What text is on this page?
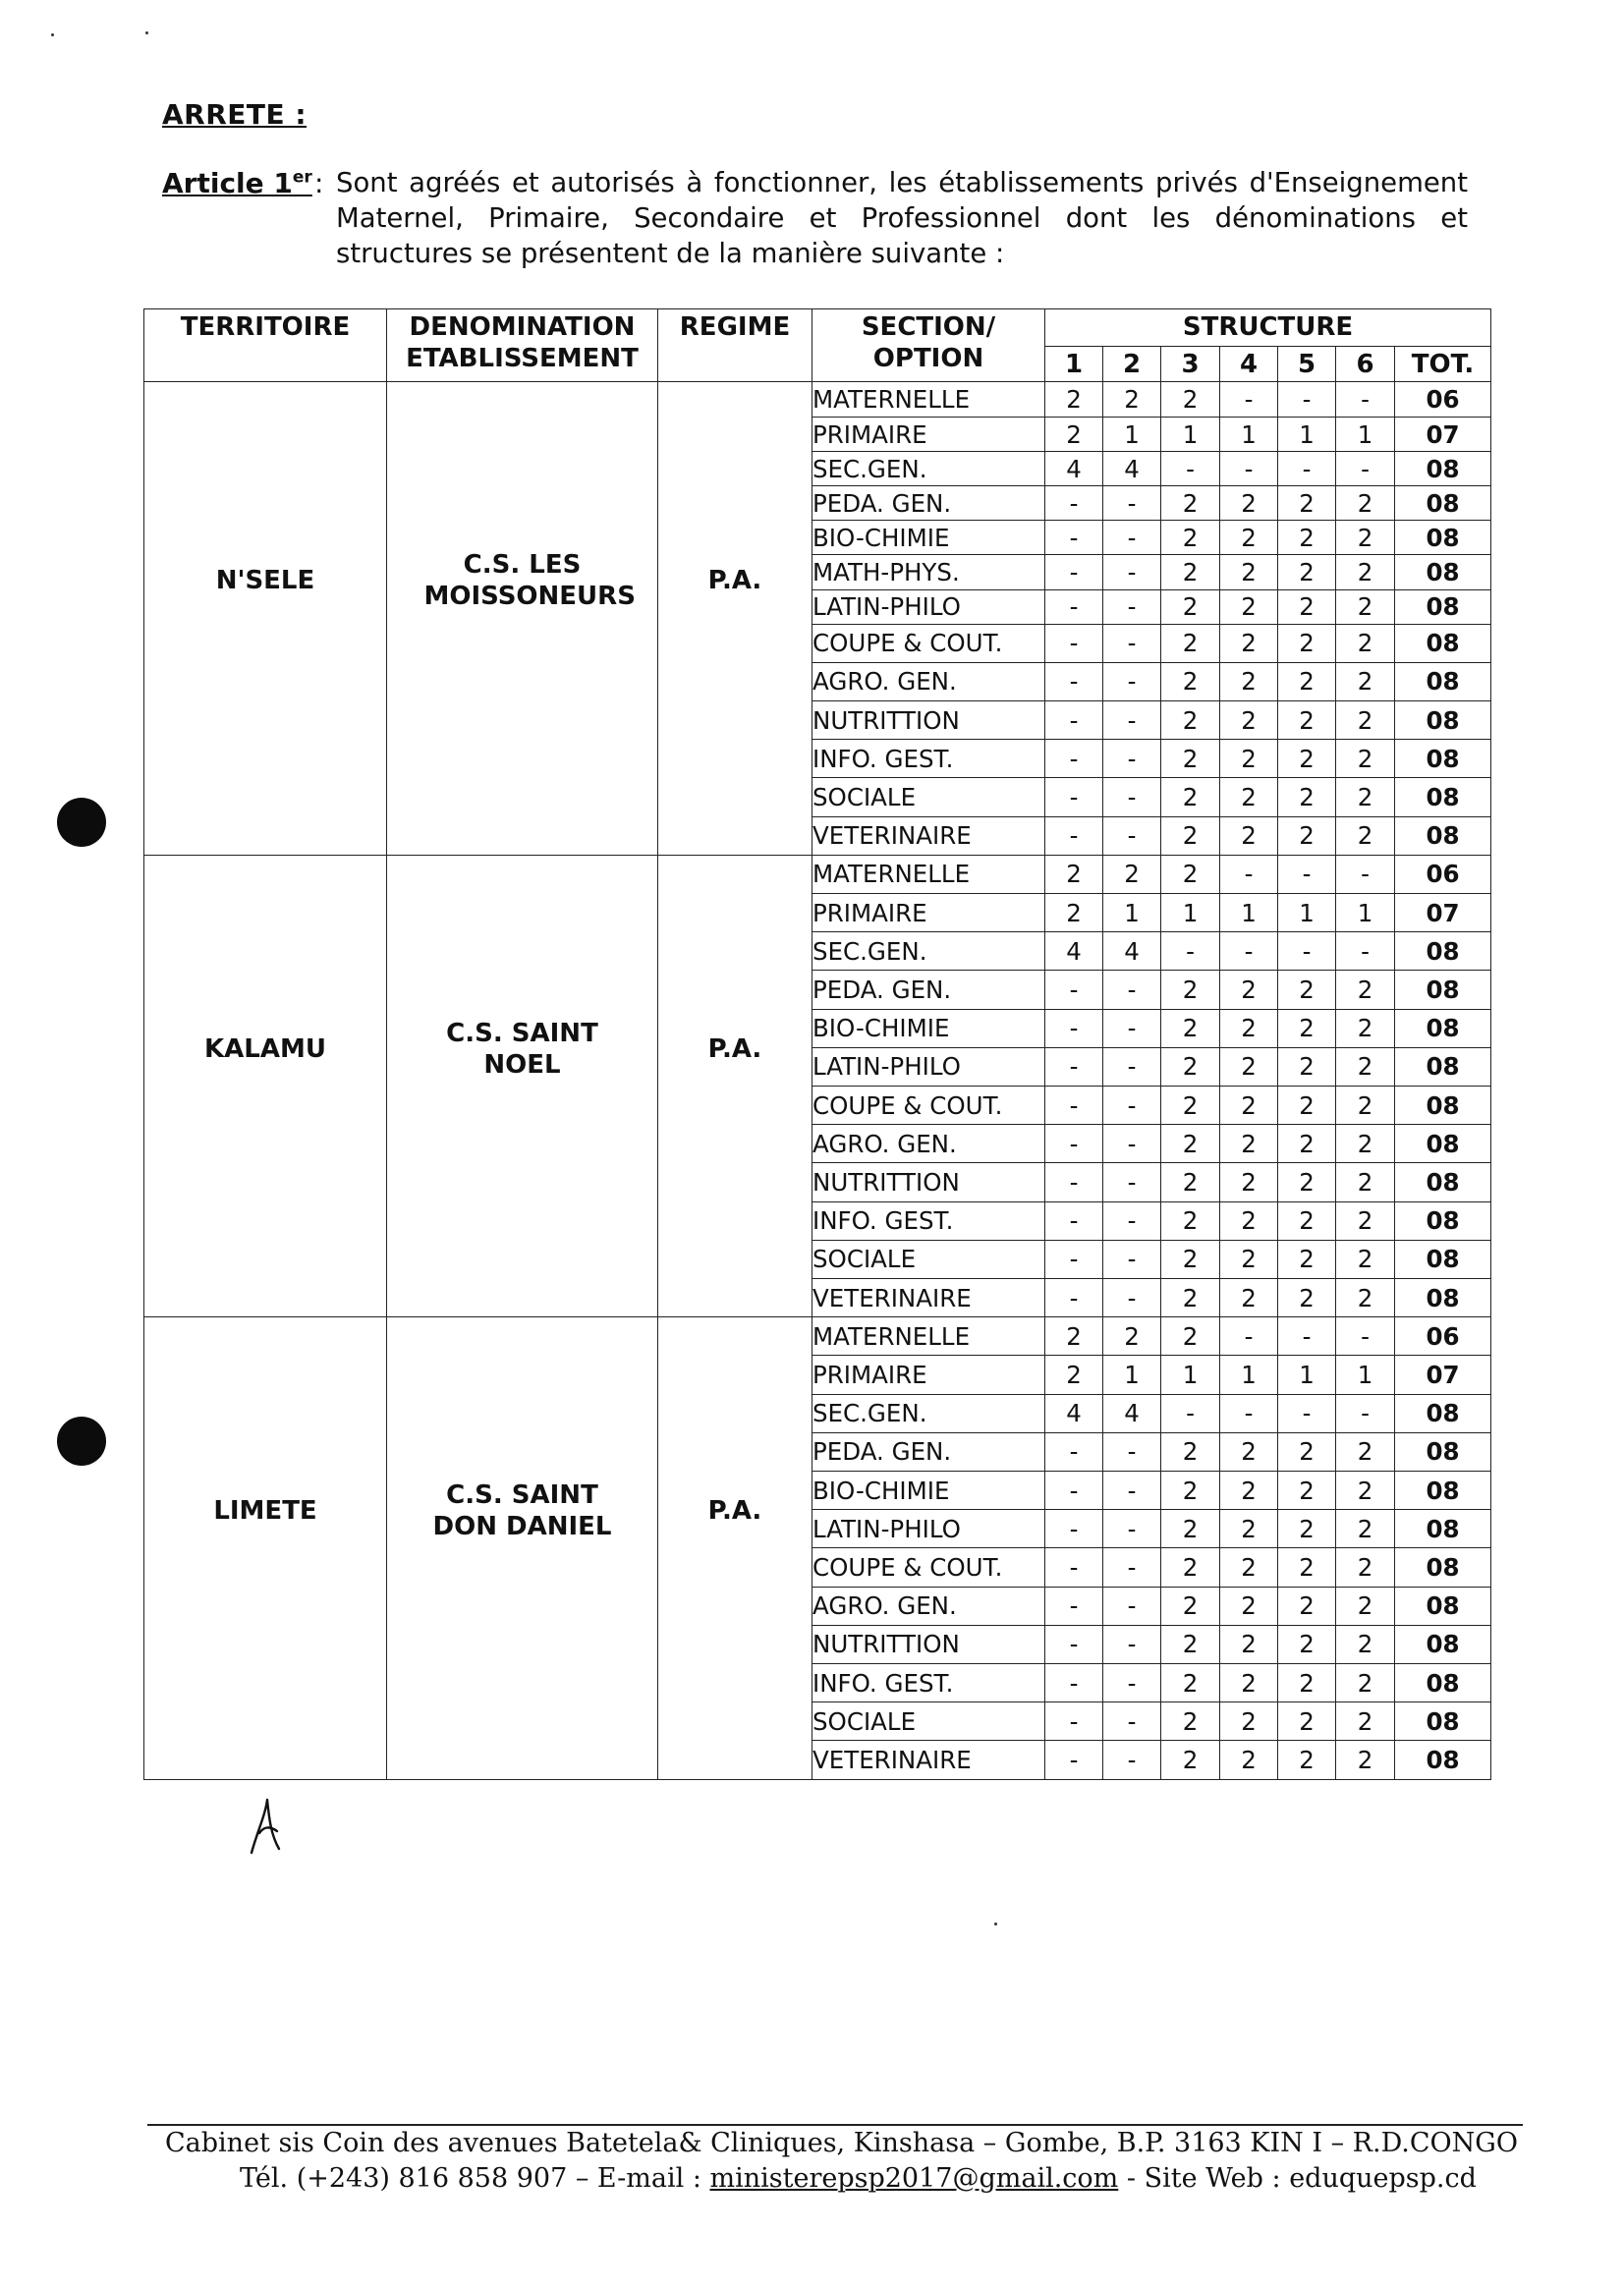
ARRETE :
Article 1er : Sont agréés et autorisés à fonctionner, les établissements privés d'Enseignement Maternel, Primaire, Secondaire et Professionnel dont les dénominations et structures se présentent de la manière suivante :
TERRITOIRE	DENOMINATION ETABLISSEMENT	REGIME	SECTION/ OPTION	STRUCTURE						
				1	2	3	4	5	6	TOT.

N'SELE	C.S. LES MOISSONEURS	P.A.	MATERNELLE	2	2	2	-	-	-	06
			PRIMAIRE	2	1	1	1	1	1	07
			SEC.GEN.	4	4	-	-	-	-	08
			PEDA. GEN.	-	-	2	2	2	2	08
			BIO-CHIMIE	-	-	2	2	2	2	08
			MATH-PHYS.	-	-	2	2	2	2	08
			LATIN-PHILO	-	-	2	2	2	2	08
			COUPE & COUT.	-	-	2	2	2	2	08
			AGRO. GEN.	-	-	2	2	2	2	08
			NUTRITTION	-	-	2	2	2	2	08
			INFO. GEST.	-	-	2	2	2	2	08
			SOCIALE	-	-	2	2	2	2	08
			VETERINAIRE	-	-	2	2	2	2	08

KALAMU	C.S. SAINT NOEL	P.A.	MATERNELLE	2	2	2	-	-	-	06
			PRIMAIRE	2	1	1	1	1	1	07
			SEC.GEN.	4	4	-	-	-	-	08
			PEDA. GEN.	-	-	2	2	2	2	08
			BIO-CHIMIE	-	-	2	2	2	2	08
			LATIN-PHILO	-	-	2	2	2	2	08
			COUPE & COUT.	-	-	2	2	2	2	08
			AGRO. GEN.	-	-	2	2	2	2	08
			NUTRITTION	-	-	2	2	2	2	08
			INFO. GEST.	-	-	2	2	2	2	08
			SOCIALE	-	-	2	2	2	2	08
			VETERINAIRE	-	-	2	2	2	2	08

LIMETE	C.S. SAINT DON DANIEL	P.A.	MATERNELLE	2	2	2	-	-	-	06
			PRIMAIRE	2	1	1	1	1	1	07
			SEC.GEN.	4	4	-	-	-	-	08
			PEDA. GEN.	-	-	2	2	2	2	08
			BIO-CHIMIE	-	-	2	2	2	2	08
			LATIN-PHILO	-	-	2	2	2	2	08
			COUPE & COUT.	-	-	2	2	2	2	08
			AGRO. GEN.	-	-	2	2	2	2	08
			NUTRITTION	-	-	2	2	2	2	08
			INFO. GEST.	-	-	2	2	2	2	08
			SOCIALE	-	-	2	2	2	2	08
			VETERINAIRE	-	-	2	2	2	2	08
Cabinet sis Coin des avenues Batetela& Cliniques, Kinshasa – Gombe, B.P. 3163 KIN I – R.D.CONGO
Tél. (+243) 816 858 907 – E-mail : ministerepsp2017@gmail.com - Site Web : eduquepsp.cd
